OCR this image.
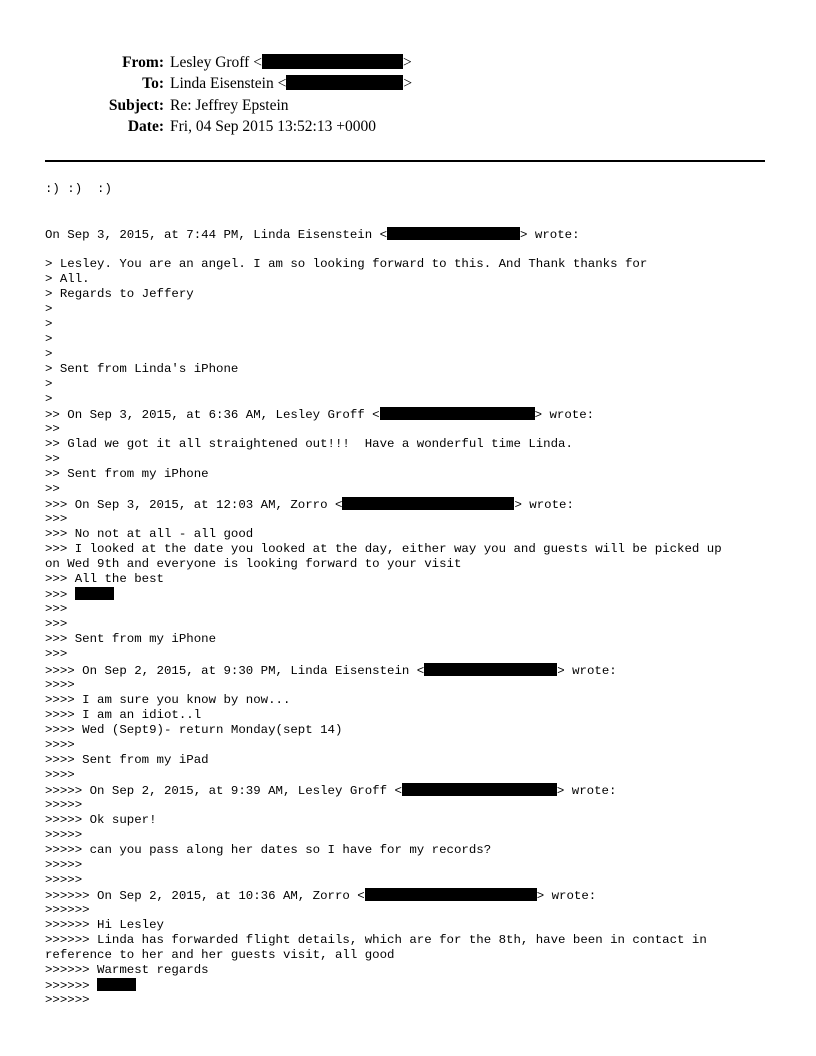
From: Lesley Groff <	>
To: Linda Eisenstein <	>
Subject: Re: Jeffrey Epstein
Date: Fri, 04 Sep 2015 13:52:13 +0000
:) :)  :)
On Sep 3, 2015, at 7:44 PM, Linda Eisenstein <	> wrote:
> Lesley. You are an angel. I am so looking forward to this. And Thank thanks for
> All.
> Regards to Jeffery
>
>
>
>
> Sent from Linda's iPhone
>
>
>> On Sep 3, 2015, at 6:36 AM, Lesley Groff <	> wrote:
>>
>> Glad we got it all straightened out!!!  Have a wonderful time Linda.
>>
>> Sent from my iPhone
>>
>>> On Sep 3, 2015, at 12:03 AM, Zorro <	> wrote:
>>>
>>> No not at all - all good
>>> I looked at the date you looked at the day, either way you and guests will be picked up
on Wed 9th and everyone is looking forward to your visit
>>> All the best
>>>
>>>
>>>
>>> Sent from my iPhone
>>>
>>>> On Sep 2, 2015, at 9:30 PM, Linda Eisenstein <	> wrote:
>>>>
>>>> I am sure you know by now...
>>>> I am an idiot..l
>>>> Wed (Sept9)- return Monday(sept 14)
>>>>
>>>> Sent from my iPad
>>>>
>>>>> On Sep 2, 2015, at 9:39 AM, Lesley Groff <	> wrote:
>>>>>
>>>>> Ok super!
>>>>>
>>>>> can you pass along her dates so I have for my records?
>>>>>
>>>>>
>>>>>> On Sep 2, 2015, at 10:36 AM, Zorro <	> wrote:
>>>>>>
>>>>>> Hi Lesley
>>>>>> Linda has forwarded flight details, which are for the 8th, have been in contact in
reference to her and her guests visit, all good
>>>>>> Warmest regards
>>>>>>
>>>>>>
